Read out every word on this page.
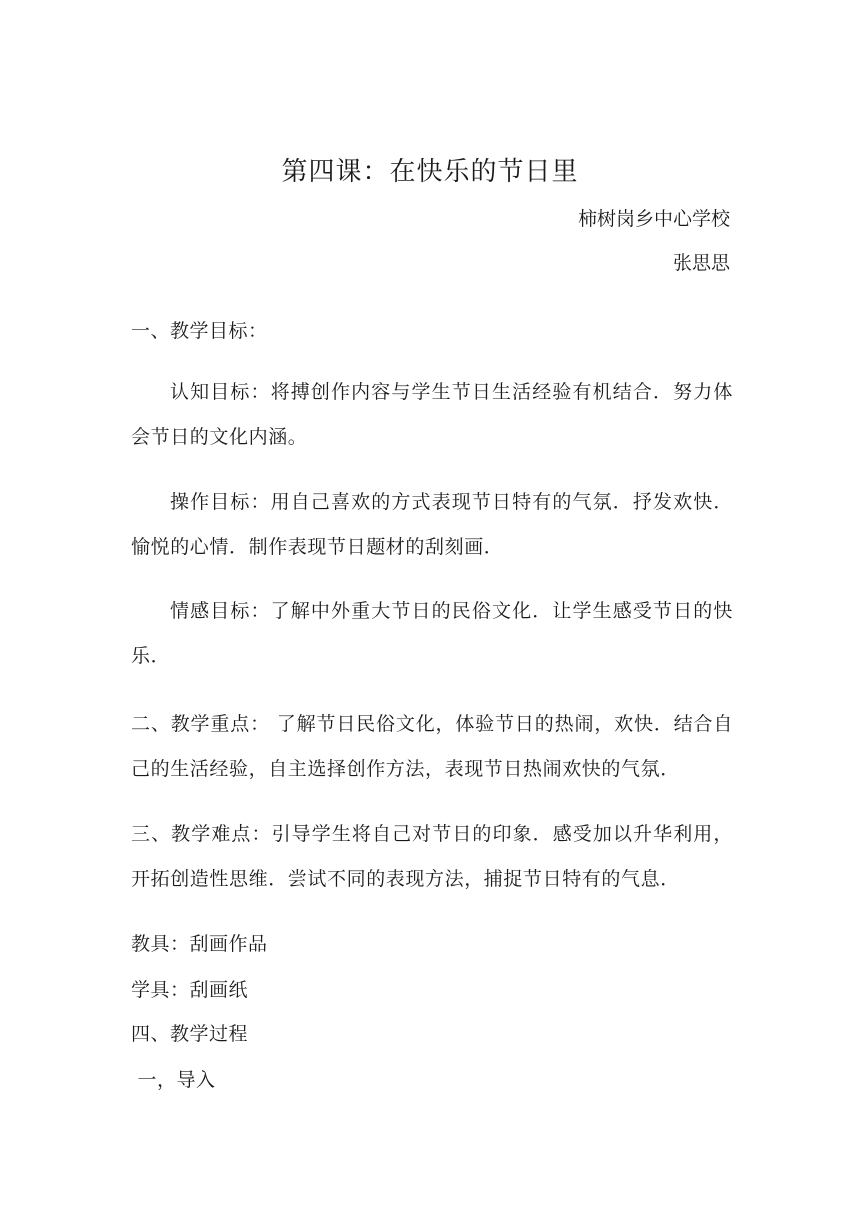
第四课：在快乐的节日里
柿树岗乡中心学校
张思思
一、教学目标：
认知目标：将搏创作内容与学生节日生活经验有机结合．努力体会节日的文化内涵。
操作目标：用自己喜欢的方式表现节日特有的气氛．抒发欢快．愉悦的心情．制作表现节日题材的刮刻画．
情感目标：了解中外重大节日的民俗文化．让学生感受节日的快乐．
二、教学重点： 了解节日民俗文化，体验节日的热闹，欢快．结合自己的生活经验，自主选择创作方法，表现节日热闹欢快的气氛．
三、教学难点：引导学生将自己对节日的印象．感受加以升华利用，开拓创造性思维．尝试不同的表现方法，捕捉节日特有的气息．
教具：刮画作品
学具：刮画纸
四、教学过程
一，导入
